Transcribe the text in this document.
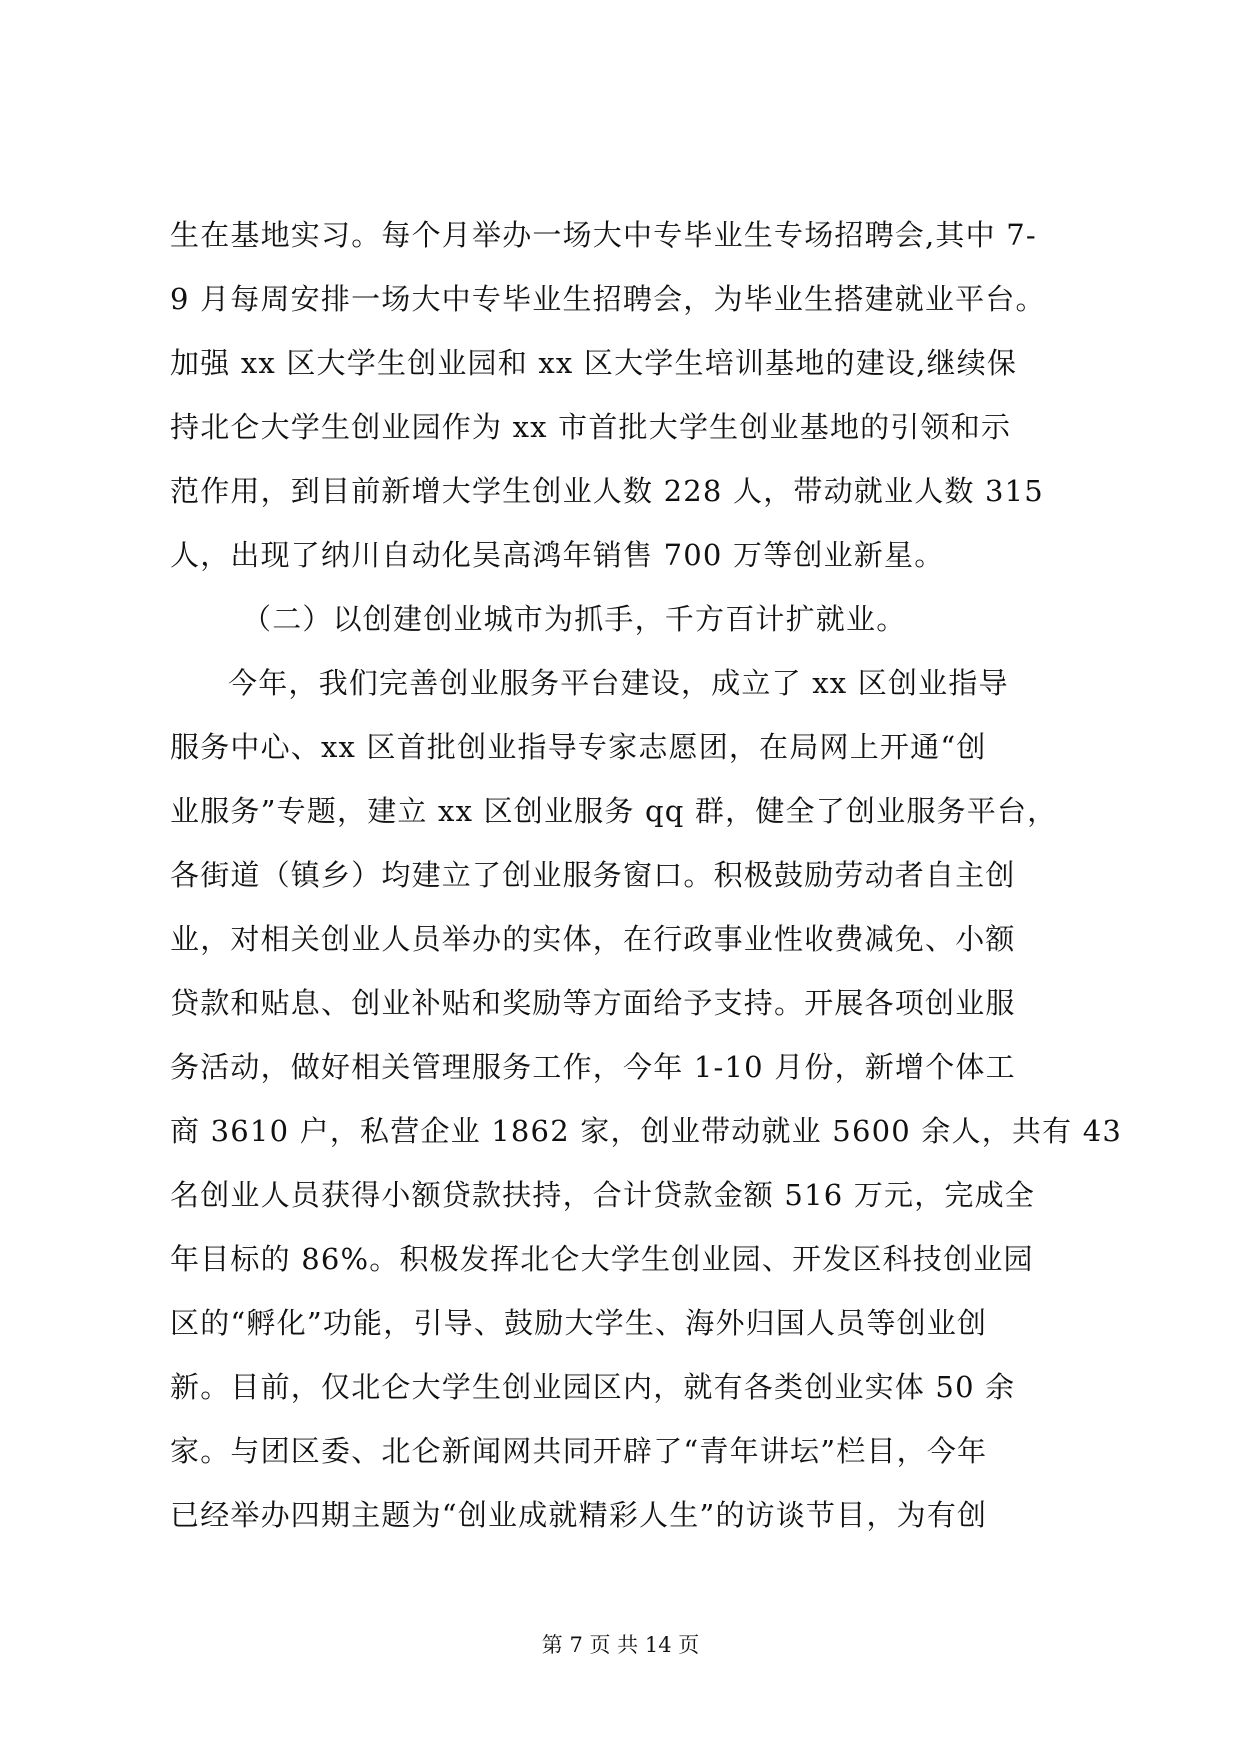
生在基地实习。每个月举办一场大中专毕业生专场招聘会,其中 7-
9 月每周安排一场大中专毕业生招聘会，为毕业生搭建就业平台。
加强 xx 区大学生创业园和 xx 区大学生培训基地的建设,继续保
持北仑大学生创业园作为 xx 市首批大学生创业基地的引领和示
范作用，到目前新增大学生创业人数 228 人，带动就业人数 315
人，出现了纳川自动化吴高鸿年销售 700 万等创业新星。
（二）以创建创业城市为抓手，千方百计扩就业。
今年，我们完善创业服务平台建设，成立了 xx 区创业指导
服务中心、xx 区首批创业指导专家志愿团，在局网上开通“创
业服务”专题，建立 xx 区创业服务 qq 群，健全了创业服务平台，
各街道（镇乡）均建立了创业服务窗口。积极鼓励劳动者自主创
业，对相关创业人员举办的实体，在行政事业性收费减免、小额
贷款和贴息、创业补贴和奖励等方面给予支持。开展各项创业服
务活动，做好相关管理服务工作，今年 1-10 月份，新增个体工
商 3610 户，私营企业 1862 家，创业带动就业 5600 余人，共有 43
名创业人员获得小额贷款扶持，合计贷款金额 516 万元，完成全
年目标的 86%。积极发挥北仑大学生创业园、开发区科技创业园
区的“孵化”功能，引导、鼓励大学生、海外归国人员等创业创
新。目前，仅北仑大学生创业园区内，就有各类创业实体 50 余
家。与团区委、北仑新闻网共同开辟了“青年讲坛”栏目，今年
已经举办四期主题为“创业成就精彩人生”的访谈节目，为有创
第 7 页 共 14 页
